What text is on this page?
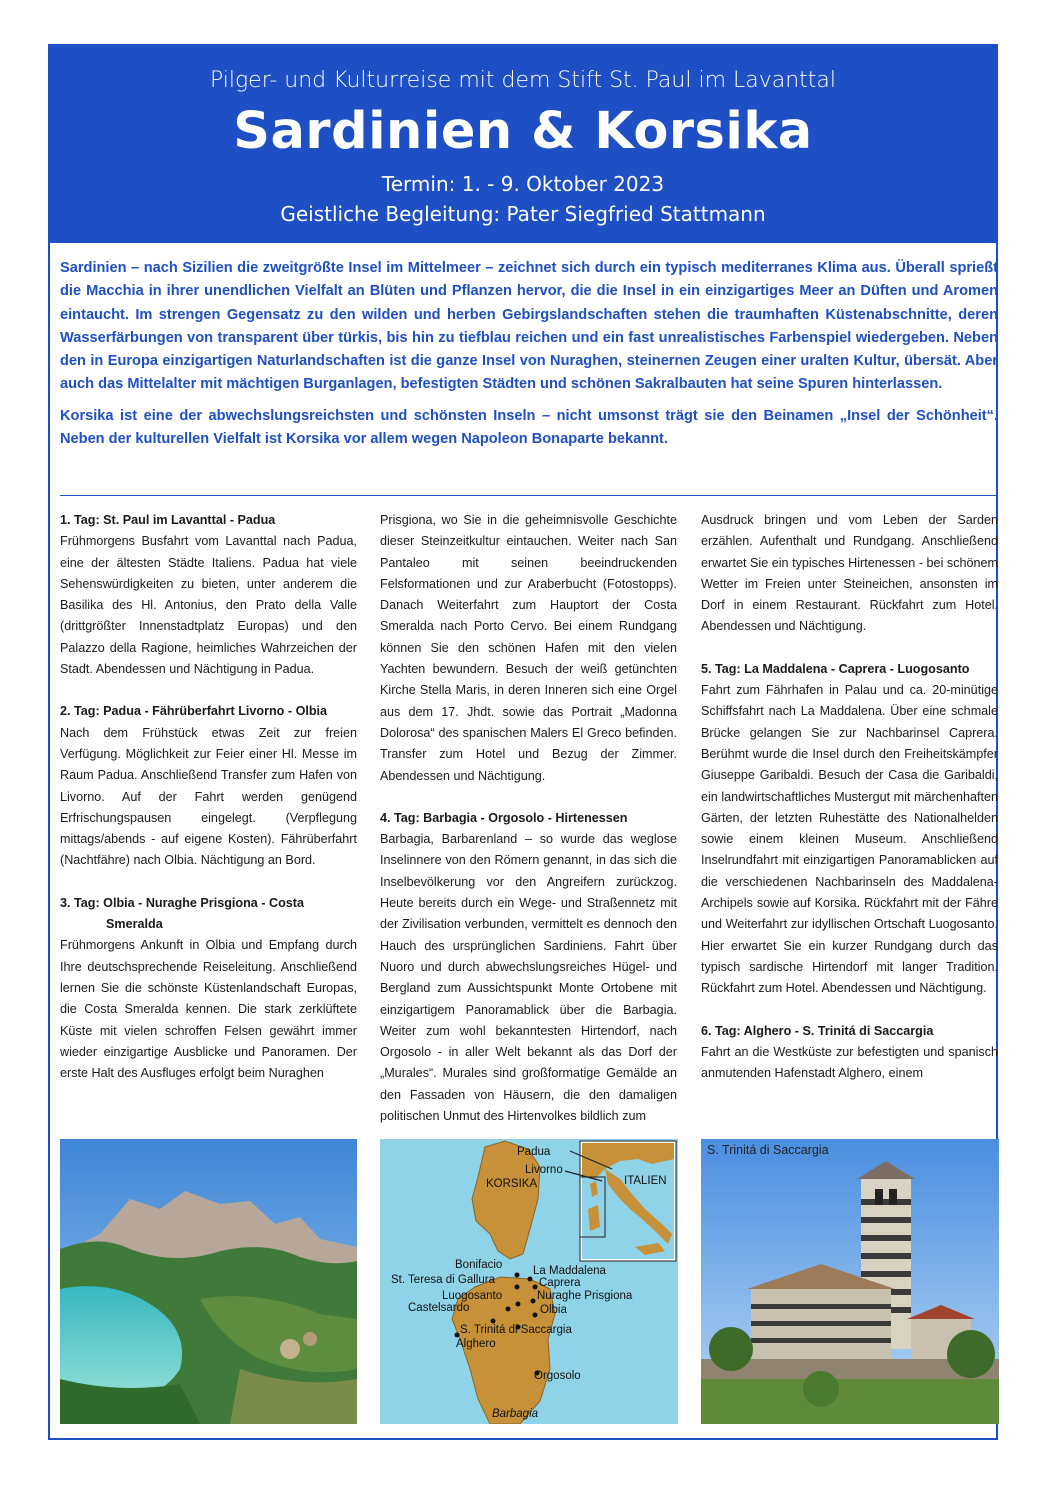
Pilger- und Kulturreise mit dem Stift St. Paul im Lavanttal
Sardinien & Korsika
Termin: 1. - 9. Oktober 2023
Geistliche Begleitung: Pater Siegfried Stattmann

Sardinien – nach Sizilien die zweitgrößte Insel im Mittelmeer – zeichnet sich durch ein typisch mediterranes Klima aus. Überall sprießt die Macchia in ihrer unendlichen Vielfalt an Blüten und Pflanzen hervor, die die Insel in ein einzigartiges Meer an Düften und Aromen eintaucht. Im strengen Gegensatz zu den wilden und herben Gebirgslandschaften stehen die traumhaften Küstenabschnitte, deren Wasserfärbungen von transparent über türkis, bis hin zu tiefblau reichen und ein fast unrealistisches Farbenspiel wiedergeben. Neben den in Europa einzigartigen Naturlandschaften ist die ganze Insel von Nuraghen, steinernen Zeugen einer uralten Kultur, übersät. Aber auch das Mittelalter mit mächtigen Burganlagen, befestigten Städten und schönen Sakralbauten hat seine Spuren hinterlassen.

Korsika ist eine der abwechslungsreichsten und schönsten Inseln – nicht umsonst trägt sie den Beinamen „Insel der Schönheit“. Neben der kulturellen Vielfalt ist Korsika vor allem wegen Napoleon Bonaparte bekannt.

1. Tag: St. Paul im Lavanttal - Padua

Frühmorgens Busfahrt vom Lavanttal nach Padua, eine der ältesten Städte Italiens. Padua hat viele Sehenswürdigkeiten zu bieten, unter anderem die Basilika des Hl. Antonius, den Prato della Valle (drittgrößter Innenstadtplatz Europas) und den Palazzo della Ragione, heimliches Wahrzeichen der Stadt. Abendessen und Nächtigung in Padua.

2. Tag: Padua - Fährüberfahrt Livorno - Olbia

Nach dem Frühstück etwas Zeit zur freien Verfügung. Möglichkeit zur Feier einer Hl. Messe im Raum Padua. Anschließend Transfer zum Hafen von Livorno. Auf der Fahrt werden genügend Erfrischungspausen eingelegt. (Verpflegung mittags/abends - auf eigene Kosten). Fährüberfahrt (Nachtfähre) nach Olbia. Nächtigung an Bord.

3. Tag: Olbia - Nuraghe Prisgiona - Costa
Smeralda

Frühmorgens Ankunft in Olbia und Empfang durch Ihre deutschsprechende Reiseleitung. Anschließend lernen Sie die schönste Küstenlandschaft Europas, die Costa Smeralda kennen. Die stark zerklüftete Küste mit vielen schroffen Felsen gewährt immer wieder einzigartige Ausblicke und Panoramen. Der erste Halt des Ausfluges erfolgt beim Nuraghen

Prisgiona, wo Sie in die geheimnisvolle Geschichte dieser Steinzeitkultur eintauchen. Weiter nach San Pantaleo mit seinen beeindruckenden Felsformationen und zur Araberbucht (Fotostopps). Danach Weiterfahrt zum Hauptort der Costa Smeralda nach Porto Cervo. Bei einem Rundgang können Sie den schönen Hafen mit den vielen Yachten bewundern. Besuch der weiß getünchten Kirche Stella Maris, in deren Inneren sich eine Orgel aus dem 17. Jhdt. sowie das Portrait „Madonna Dolorosa“ des spanischen Malers El Greco befinden. Transfer zum Hotel und Bezug der Zimmer. Abendessen und Nächtigung.

4. Tag: Barbagia - Orgosolo - Hirtenessen

Barbagia, Barbarenland – so wurde das weglose Inselinnere von den Römern genannt, in das sich die Inselbevölkerung vor den Angreifern zurückzog. Heute bereits durch ein Wege- und Straßennetz mit der Zivilisation verbunden, vermittelt es dennoch den Hauch des ursprünglichen Sardiniens. Fahrt über Nuoro und durch abwechslungsreiches Hügel- und Bergland zum Aussichtspunkt Monte Ortobene mit einzigartigem Panoramablick über die Barbagia. Weiter zum wohl bekanntesten Hirtendorf, nach Orgosolo - in aller Welt bekannt als das Dorf der „Murales“. Murales sind großformatige Gemälde an den Fassaden von Häusern, die den damaligen politischen Unmut des Hirtenvolkes bildlich zum

Ausdruck bringen und vom Leben der Sarden erzählen. Aufenthalt und Rundgang. Anschließend erwartet Sie ein typisches Hirtenessen - bei schönem Wetter im Freien unter Steineichen, ansonsten im Dorf in einem Restaurant. Rückfahrt zum Hotel. Abendessen und Nächtigung.

5. Tag: La Maddalena - Caprera - Luogosanto

Fahrt zum Fährhafen in Palau und ca. 20-minütige Schiffsfahrt nach La Maddalena. Über eine schmale Brücke gelangen Sie zur Nachbarinsel Caprera. Berühmt wurde die Insel durch den Freiheitskämpfer Giuseppe Garibaldi. Besuch der Casa die Garibaldi, ein landwirtschaftliches Mustergut mit märchenhaften Gärten, der letzten Ruhestätte des Nationalhelden sowie einem kleinen Museum. Anschließend Inselrundfahrt mit einzigartigen Panoramablicken auf die verschiedenen Nachbarinseln des Maddalena-Archipels sowie auf Korsika. Rückfahrt mit der Fähre und Weiterfahrt zur idyllischen Ortschaft Luogosanto. Hier erwartet Sie ein kurzer Rundgang durch das typisch sardische Hirtendorf mit langer Tradition. Rückfahrt zum Hotel. Abendessen und Nächtigung.

6. Tag: Alghero - S. Trinitá di Saccargia

Fahrt an die Westküste zur befestigten und spanisch anmutenden Hafenstadt Alghero, einem

Padua
Livorno
KORSIKA	ITALIEN
Bonifacio	La Maddalena
St. Teresa di Gallura	Caprera
Luogosanto	Nuraghe Prisgiona
Castelsardo	Olbia
S. Trinitá di Saccargia
Alghero
Orgosolo
Barbagia
S. Trinitá di Saccargia
